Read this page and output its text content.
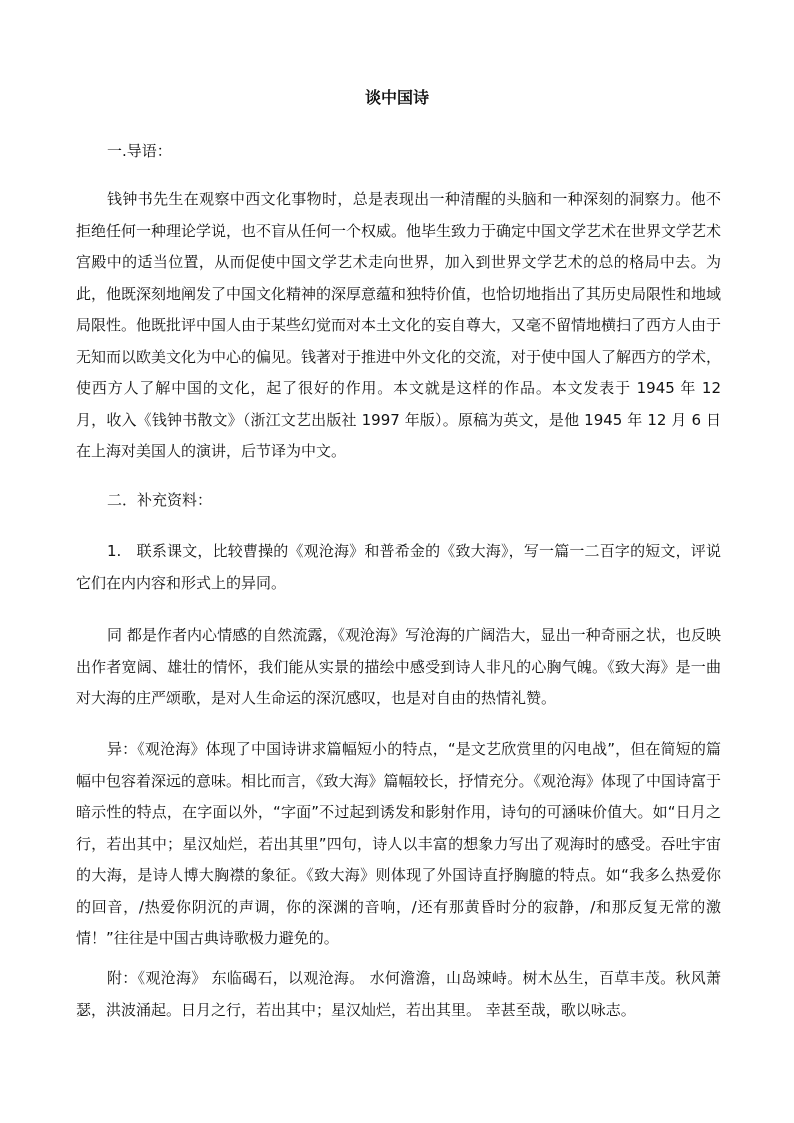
谈中国诗
一.导语：
钱钟书先生在观察中西文化事物时，总是表现出一种清醒的头脑和一种深刻的洞察力。他不拒绝任何一种理论学说，也不盲从任何一个权威。他毕生致力于确定中国文学艺术在世界文学艺术宫殿中的适当位置，从而促使中国文学艺术走向世界，加入到世界文学艺术的总的格局中去。为此，他既深刻地阐发了中国文化精神的深厚意蕴和独特价值，也恰切地指出了其历史局限性和地域局限性。他既批评中国人由于某些幻觉而对本土文化的妄自尊大，又毫不留情地横扫了西方人由于无知而以欧美文化为中心的偏见。钱著对于推进中外文化的交流，对于使中国人了解西方的学术，使西方人了解中国的文化，起了很好的作用。本文就是这样的作品。本文发表于 1945 年 12 月，收入《钱钟书散文》（浙江文艺出版社 1997 年版）。原稿为英文，是他 1945 年 12 月 6 日在上海对美国人的演讲，后节译为中文。
二．补充资料：
1.　联系课文，比较曹操的《观沧海》和普希金的《致大海》，写一篇一二百字的短文，评说它们在内内容和形式上的异同。
同 都是作者内心情感的自然流露，《观沧海》写沧海的广阔浩大，显出一种奇丽之状，也反映出作者宽阔、雄壮的情怀，我们能从实景的描绘中感受到诗人非凡的心胸气魄。《致大海》是一曲对大海的庄严颂歌，是对人生命运的深沉感叹，也是对自由的热情礼赞。
异：《观沧海》体现了中国诗讲求篇幅短小的特点，“是文艺欣赏里的闪电战”，但在简短的篇幅中包容着深远的意味。相比而言，《致大海》篇幅较长，抒情充分。《观沧海》体现了中国诗富于暗示性的特点，在字面以外，“字面”不过起到诱发和影射作用，诗句的可涵味价值大。如“日月之行，若出其中；星汉灿烂，若出其里”四句，诗人以丰富的想象力写出了观海时的感受。吞吐宇宙的大海，是诗人博大胸襟的象征。《致大海》则体现了外国诗直抒胸臆的特点。如“我多么热爱你的回音，/热爱你阴沉的声调，你的深渊的音响，/还有那黄昏时分的寂静，/和那反复无常的激情！”往往是中国古典诗歌极力避免的。
附：《观沧海》 东临碣石，以观沧海。 水何澹澹，山岛竦峙。树木丛生，百草丰茂。秋风萧瑟，洪波涌起。日月之行，若出其中；星汉灿烂，若出其里。 幸甚至哉，歌以咏志。
